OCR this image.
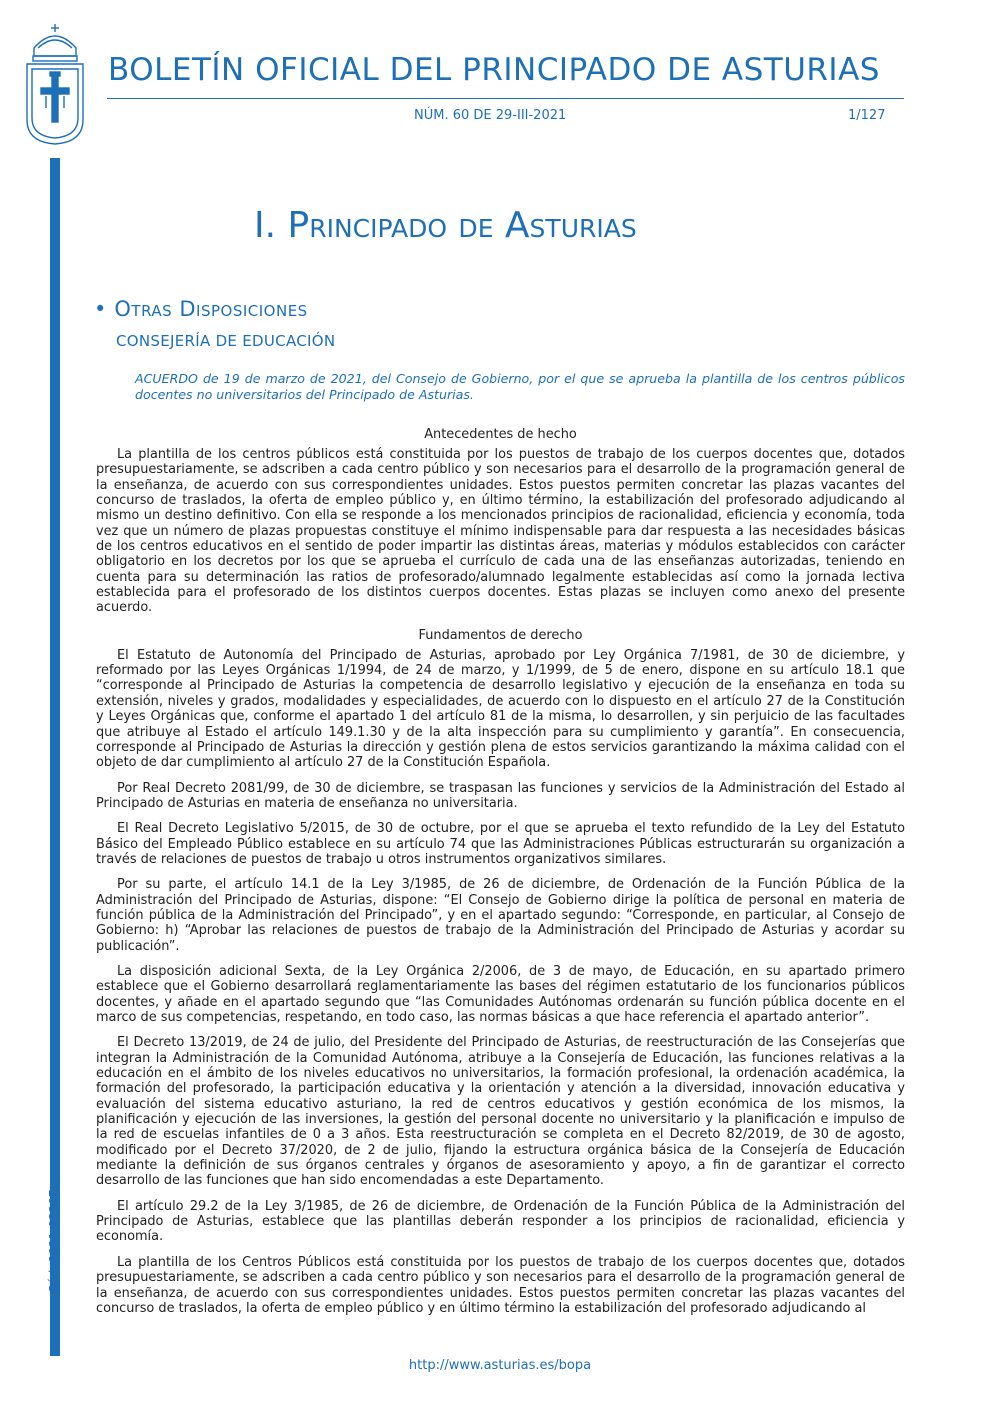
BOLETÍN OFICIAL DEL PRINCIPADO DE ASTURIAS
NÚM. 60 DE 29-III-2021	1/127
Cód. 2021-03207
I. Principado de Asturias
• Otras Disposiciones
CONSEJERÍA DE EDUCACIÓN

ACUERDO de 19 de marzo de 2021, del Consejo de Gobierno, por el que se aprueba la plantilla de los centros públicos docentes no universitarios del Principado de Asturias.

Antecedentes de hecho

La plantilla de los centros públicos está constituida por los puestos de trabajo de los cuerpos docentes que, dotados presupuestariamente, se adscriben a cada centro público y son necesarios para el desarrollo de la programación general de la enseñanza, de acuerdo con sus correspondientes unidades. Estos puestos permiten concretar las plazas vacantes del concurso de traslados, la oferta de empleo público y, en último término, la estabilización del profesorado adjudicando al mismo un destino definitivo. Con ella se responde a los mencionados principios de racionalidad, eficiencia y economía, toda vez que un número de plazas propuestas constituye el mínimo indispensable para dar respuesta a las necesidades básicas de los centros educativos en el sentido de poder impartir las distintas áreas, materias y módulos establecidos con carácter obligatorio en los decretos por los que se aprueba el currículo de cada una de las enseñanzas autorizadas, teniendo en cuenta para su determinación las ratios de profesorado/alumnado legalmente establecidas así como la jornada lectiva establecida para el profesorado de los distintos cuerpos docentes. Estas plazas se incluyen como anexo del presente acuerdo.

Fundamentos de derecho

El Estatuto de Autonomía del Principado de Asturias, aprobado por Ley Orgánica 7/1981, de 30 de diciembre, y reformado por las Leyes Orgánicas 1/1994, de 24 de marzo, y 1/1999, de 5 de enero, dispone en su artículo 18.1 que “corresponde al Principado de Asturias la competencia de desarrollo legislativo y ejecución de la enseñanza en toda su extensión, niveles y grados, modalidades y especialidades, de acuerdo con lo dispuesto en el artículo 27 de la Constitución y Leyes Orgánicas que, conforme el apartado 1 del artículo 81 de la misma, lo desarrollen, y sin perjuicio de las facultades que atribuye al Estado el artículo 149.1.30 y de la alta inspección para su cumplimiento y garantía”. En consecuencia, corresponde al Principado de Asturias la dirección y gestión plena de estos servicios garantizando la máxima calidad con el objeto de dar cumplimiento al artículo 27 de la Constitución Española.

Por Real Decreto 2081/99, de 30 de diciembre, se traspasan las funciones y servicios de la Administración del Estado al Principado de Asturias en materia de enseñanza no universitaria.

El Real Decreto Legislativo 5/2015, de 30 de octubre, por el que se aprueba el texto refundido de la Ley del Estatuto Básico del Empleado Público establece en su artículo 74 que las Administraciones Públicas estructurarán su organización a través de relaciones de puestos de trabajo u otros instrumentos organizativos similares.

Por su parte, el artículo 14.1 de la Ley 3/1985, de 26 de diciembre, de Ordenación de la Función Pública de la Administración del Principado de Asturias, dispone: “El Consejo de Gobierno dirige la política de personal en materia de función pública de la Administración del Principado”, y en el apartado segundo: “Corresponde, en particular, al Consejo de Gobierno: h) “Aprobar las relaciones de puestos de trabajo de la Administración del Principado de Asturias y acordar su publicación”.

La disposición adicional Sexta, de la Ley Orgánica 2/2006, de 3 de mayo, de Educación, en su apartado primero establece que el Gobierno desarrollará reglamentariamente las bases del régimen estatutario de los funcionarios públicos docentes, y añade en el apartado segundo que “las Comunidades Autónomas ordenarán su función pública docente en el marco de sus competencias, respetando, en todo caso, las normas básicas a que hace referencia el apartado anterior”.

El Decreto 13/2019, de 24 de julio, del Presidente del Principado de Asturias, de reestructuración de las Consejerías que integran la Administración de la Comunidad Autónoma, atribuye a la Consejería de Educación, las funciones relativas a la educación en el ámbito de los niveles educativos no universitarios, la formación profesional, la ordenación académica, la formación del profesorado, la participación educativa y la orientación y atención a la diversidad, innovación educativa y evaluación del sistema educativo asturiano, la red de centros educativos y gestión económica de los mismos, la planificación y ejecución de las inversiones, la gestión del personal docente no universitario y la planificación e impulso de la red de escuelas infantiles de 0 a 3 años. Esta reestructuración se completa en el Decreto 82/2019, de 30 de agosto, modificado por el Decreto 37/2020, de 2 de julio, fijando la estructura orgánica básica de la Consejería de Educación mediante la definición de sus órganos centrales y órganos de asesoramiento y apoyo, a fin de garantizar el correcto desarrollo de las funciones que han sido encomendadas a este Departamento.

El artículo 29.2 de la Ley 3/1985, de 26 de diciembre, de Ordenación de la Función Pública de la Administración del Principado de Asturias, establece que las plantillas deberán responder a los principios de racionalidad, eficiencia y economía.

La plantilla de los Centros Públicos está constituida por los puestos de trabajo de los cuerpos docentes que, dotados presupuestariamente, se adscriben a cada centro público y son necesarios para el desarrollo de la programación general de la enseñanza, de acuerdo con sus correspondientes unidades. Estos puestos permiten concretar las plazas vacantes del concurso de traslados, la oferta de empleo público y en último término la estabilización del profesorado adjudicando al

http://www.asturias.es/bopa
